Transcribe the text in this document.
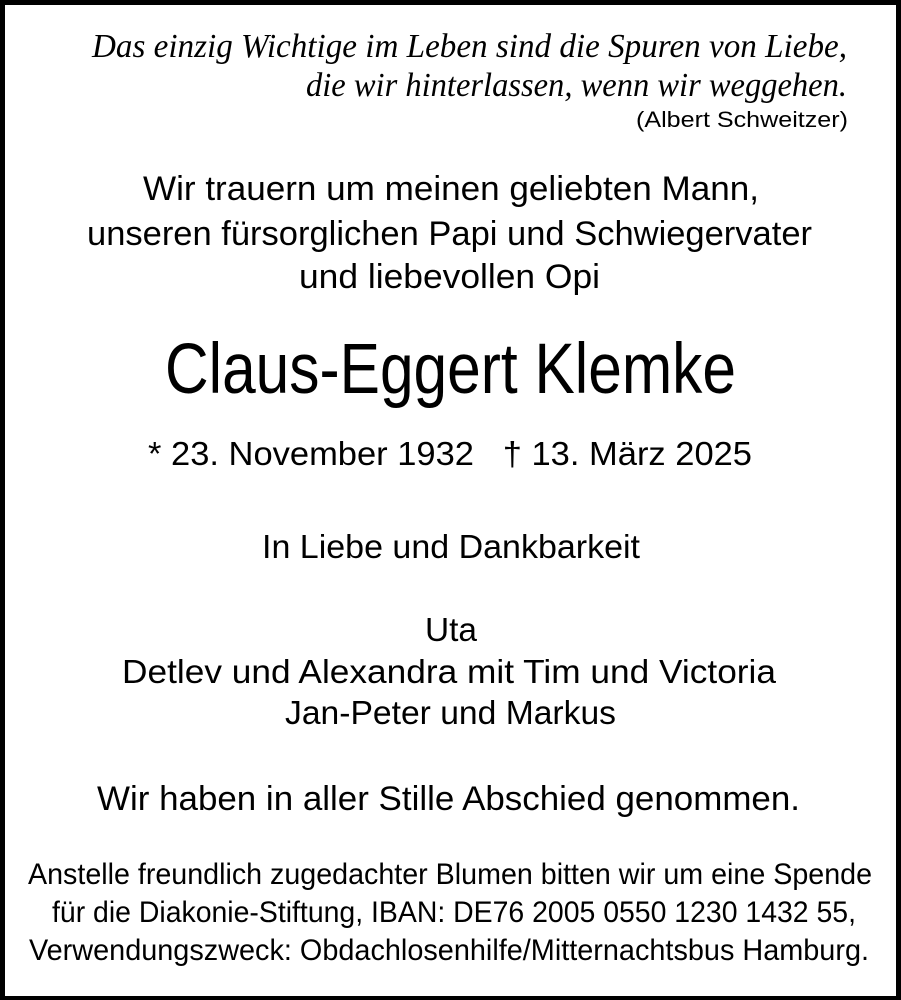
Das einzig Wichtige im Leben sind die Spuren von Liebe,
die wir hinterlassen, wenn wir weggehen.
(Albert Schweitzer)
Wir trauern um meinen geliebten Mann,
unseren fürsorglichen Papi und Schwiegervater
und liebevollen Opi
Claus-Eggert Klemke
* 23. November 1932   † 13. März 2025
In Liebe und Dankbarkeit
Uta
Detlev und Alexandra mit Tim und Victoria
Jan-Peter und Markus
Wir haben in aller Stille Abschied genommen.
Anstelle freundlich zugedachter Blumen bitten wir um eine Spende
für die Diakonie-Stiftung, IBAN: DE76 2005 0550 1230 1432 55,
Verwendungszweck: Obdachlosenhilfe/Mitternachtsbus Hamburg.
